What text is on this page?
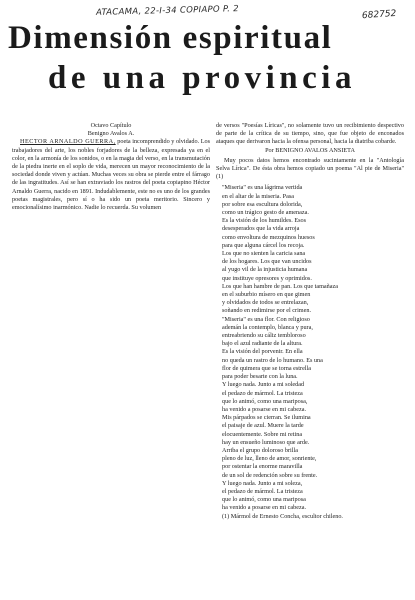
ATACAMA, 22-I-34 COPIAPO P. 2	682752
Dimensión espiritual
de una provincia
Octavo Capítulo
Benigno Avalos A.

HECTOR ARNALDO GUERRA, poeta incomprendido y olvidado. Los trabajadores del arte, los nobles forjadores de la belleza, expresada ya en el color, en la armonía de los sonidos, o en la magia del verso, en la transmutación de la piedra inerte en el soplo de vida, merecen un mayor reconocimiento de la sociedad donde viven y actúan. Muchas veces su obra se pierde entre el fárrago de las ingratitudes. Así se han extraviado los rastros del poeta copiapino Héctor Arnaldo Guerra, nacido en 1891. Indudablemente, este no es uno de los grandes poetas magistrales, pero sí o ha sido un poeta meritorio. Sincero y emocionalísimo inarmónico. Nadie lo recuerda. Su volumen

de versos "Poesías Líricas", no solamente tuvo un recibimiento despectivo de parte de la crítica de su tiempo, sino, que fue objeto de enconados ataques que derivaron hacia la ofensa personal, hacia la diatriba cobarde.

Por BENIGNO AVALOS ANSIETA

Muy pocos datos hemos encontrado sucintamente en la "Antología Selva Lírica". De ésta obra hemos copiado un poema "Al pie de Miseria" (1)

"Miseria" es una lágrima vertida
en el altar de la miseria. Pasa
por sobre esa escultura dolorida,
como un trágico gesto de amenaza.
Es la visión de los humildes. Esos
desesperados que la vida arroja
como envoltura de mezquinos huesos
para que alguna cárcel los recoja.
Los que no sienten la caricia sana
de los hogares. Los que van uncidos
al yugo vil de la injusticia humana
que instituye opresores y oprimidos.
Los que han hambre de pan. Los que tamañaza
en el suburbio mísero en que gimen
y olvidados de todos se entrelazan,
soñando en redimirse por el crimen.
"Miseria" es una flor. Con religioso
ademán la contemplo, blanca y pura,
entreabriendo su cáliz tembloroso
bajo el azul radiante de la altura.
Es la visión del porvenir. En ella
no queda un rastro de lo humano. Es una
flor de quimera que se torna estrella
para poder besarte con la luna.
Y luego nada. Junto a mi soledad
el pedazo de mármol. La tristeza
que lo animó, como una mariposa,
ha venido a posarse en mi cabeza.
Mis párpados se cierran. Se ilumina
el paisaje de azul. Muere la tarde
elocuentemente. Sobre mi retina
hay un ensueño luminoso que arde.
Arriba el grupo doloroso brilla
pleno de luz, lleno de amor, sonriente,
por ostentar la enorme maravilla
de un sol de redención sobre su frente.
Y luego nada. Junto a mi soleza,
el pedazo de mármol. La tristeza
que lo animó, como una mariposa
ha venido a posarse en mi cabeza.
(1) Mármol de Ernesto Concha, escultor chileno.
